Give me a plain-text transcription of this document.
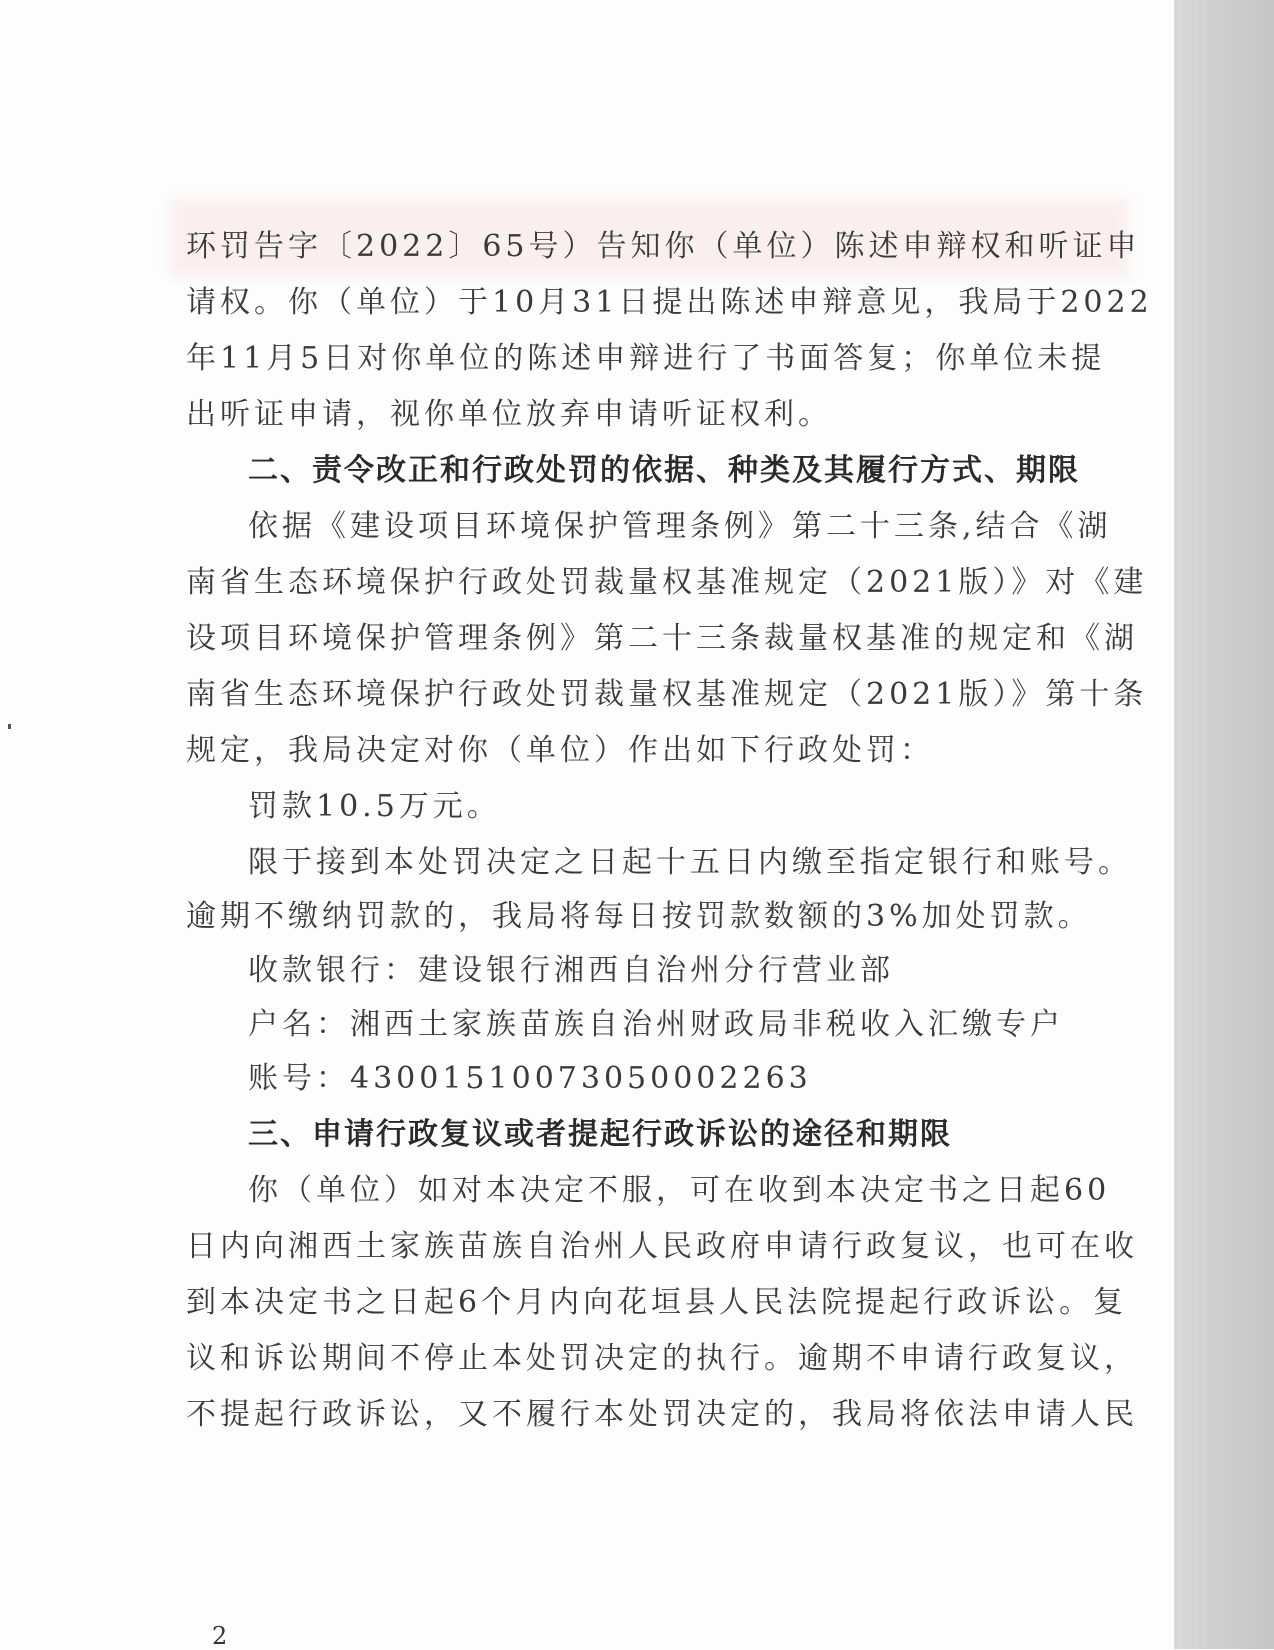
环罚告字〔2022〕65号）告知你（单位）陈述申辩权和听证申
请权。你（单位）于10月31日提出陈述申辩意见，我局于2022
年11月5日对你单位的陈述申辩进行了书面答复；你单位未提
出听证申请，视你单位放弃申请听证权利。
二、责令改正和行政处罚的依据、种类及其履行方式、期限
依据《建设项目环境保护管理条例》第二十三条,结合《湖
南省生态环境保护行政处罚裁量权基准规定（2021版）》对《建
设项目环境保护管理条例》第二十三条裁量权基准的规定和《湖
南省生态环境保护行政处罚裁量权基准规定（2021版）》第十条
规定，我局决定对你（单位）作出如下行政处罚：
罚款10.5万元。
限于接到本处罚决定之日起十五日内缴至指定银行和账号。
逾期不缴纳罚款的，我局将每日按罚款数额的3%加处罚款。
收款银行：建设银行湘西自治州分行营业部
户名：湘西土家族苗族自治州财政局非税收入汇缴专户
账号：43001510073050002263
三、申请行政复议或者提起行政诉讼的途径和期限
你（单位）如对本决定不服，可在收到本决定书之日起60
日内向湘西土家族苗族自治州人民政府申请行政复议，也可在收
到本决定书之日起6个月内向花垣县人民法院提起行政诉讼。复
议和诉讼期间不停止本处罚决定的执行。逾期不申请行政复议，
不提起行政诉讼，又不履行本处罚决定的，我局将依法申请人民
2
